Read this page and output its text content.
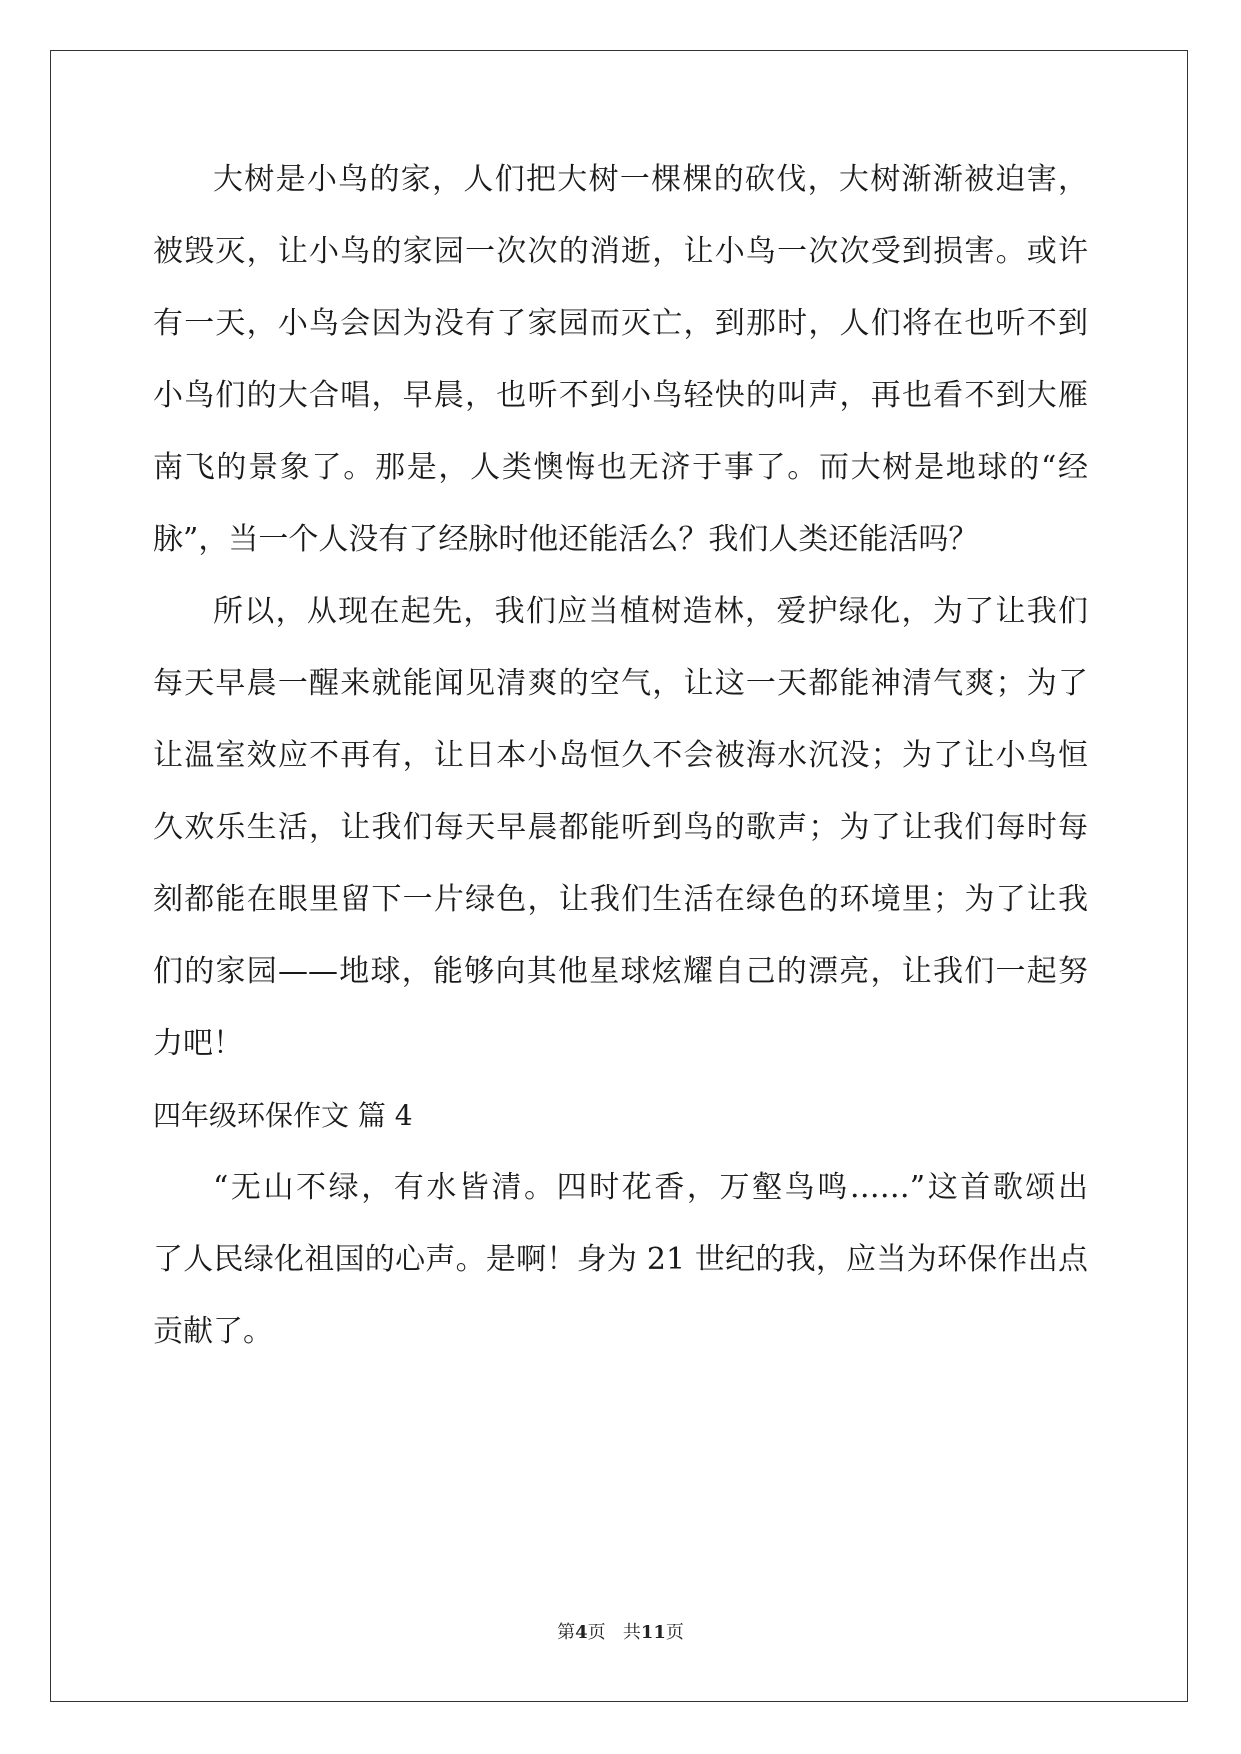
大树是小鸟的家，人们把大树一棵棵的砍伐，大树渐渐被迫害，
被毁灭，让小鸟的家园一次次的消逝，让小鸟一次次受到损害。或许
有一天，小鸟会因为没有了家园而灭亡，到那时，人们将在也听不到
小鸟们的大合唱，早晨，也听不到小鸟轻快的叫声，再也看不到大雁
南飞的景象了。那是，人类懊悔也无济于事了。而大树是地球的“经
脉”，当一个人没有了经脉时他还能活么？我们人类还能活吗？
所以，从现在起先，我们应当植树造林，爱护绿化，为了让我们
每天早晨一醒来就能闻见清爽的空气，让这一天都能神清气爽；为了
让温室效应不再有，让日本小岛恒久不会被海水沉没；为了让小鸟恒
久欢乐生活，让我们每天早晨都能听到鸟的歌声；为了让我们每时每
刻都能在眼里留下一片绿色，让我们生活在绿色的环境里；为了让我
们的家园——地球，能够向其他星球炫耀自己的漂亮，让我们一起努
力吧！
四年级环保作文 篇 4
“无山不绿，有水皆清。四时花香，万壑鸟鸣……”这首歌颂出
了人民绿化祖国的心声。是啊！身为 21 世纪的我，应当为环保作出点
贡献了。
第4页 共11页
